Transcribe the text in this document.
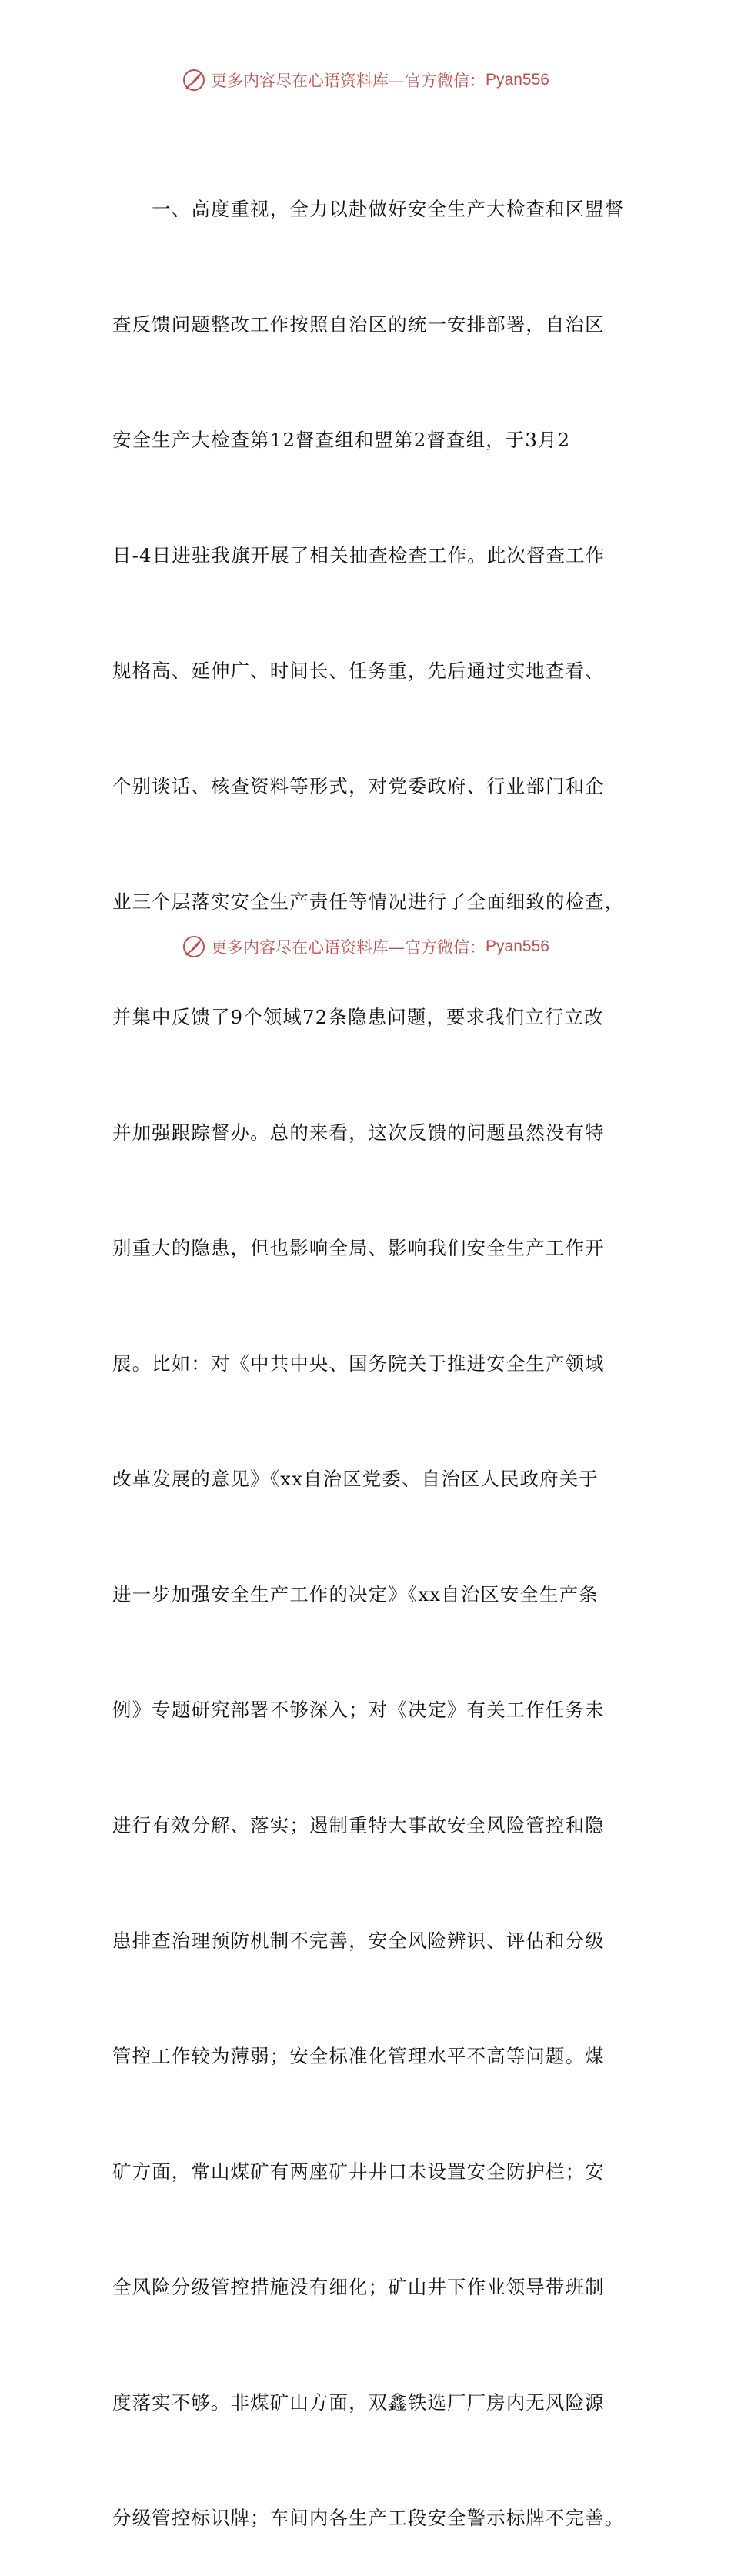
更多内容尽在心语资料库—官方微信： Pyan556

　　一、高度重视，全力以赴做好安全生产大检查和区盟督

查反馈问题整改工作按照自治区的统一安排部署，自治区

安全生产大检查第12督查组和盟第2督查组，于3月2

日-4日进驻我旗开展了相关抽查检查工作。此次督查工作

规格高、延伸广、时间长、任务重，先后通过实地查看、

个别谈话、核查资料等形式，对党委政府、行业部门和企

业三个层落实安全生产责任等情况进行了全面细致的检查，

并集中反馈了9个领域72条隐患问题，要求我们立行立改

并加强跟踪督办。总的来看，这次反馈的问题虽然没有特

别重大的隐患，但也影响全局、影响我们安全生产工作开

展。比如：对《中共中央、国务院关于推进安全生产领域

改革发展的意见》《xx自治区党委、自治区人民政府关于

进一步加强安全生产工作的决定》《xx自治区安全生产条

例》专题研究部署不够深入；对《决定》有关工作任务未

进行有效分解、落实；遏制重特大事故安全风险管控和隐

患排查治理预防机制不完善，安全风险辨识、评估和分级

管控工作较为薄弱；安全标准化管理水平不高等问题。煤

矿方面，常山煤矿有两座矿井井口未设置安全防护栏；安

全风险分级管控措施没有细化；矿山井下作业领导带班制

度落实不够。非煤矿山方面，双鑫铁选厂厂房内无风险源

分级管控标识牌；车间内各生产工段安全警示标牌不完善。

更多内容尽在心语资料库—官方微信： Pyan556
